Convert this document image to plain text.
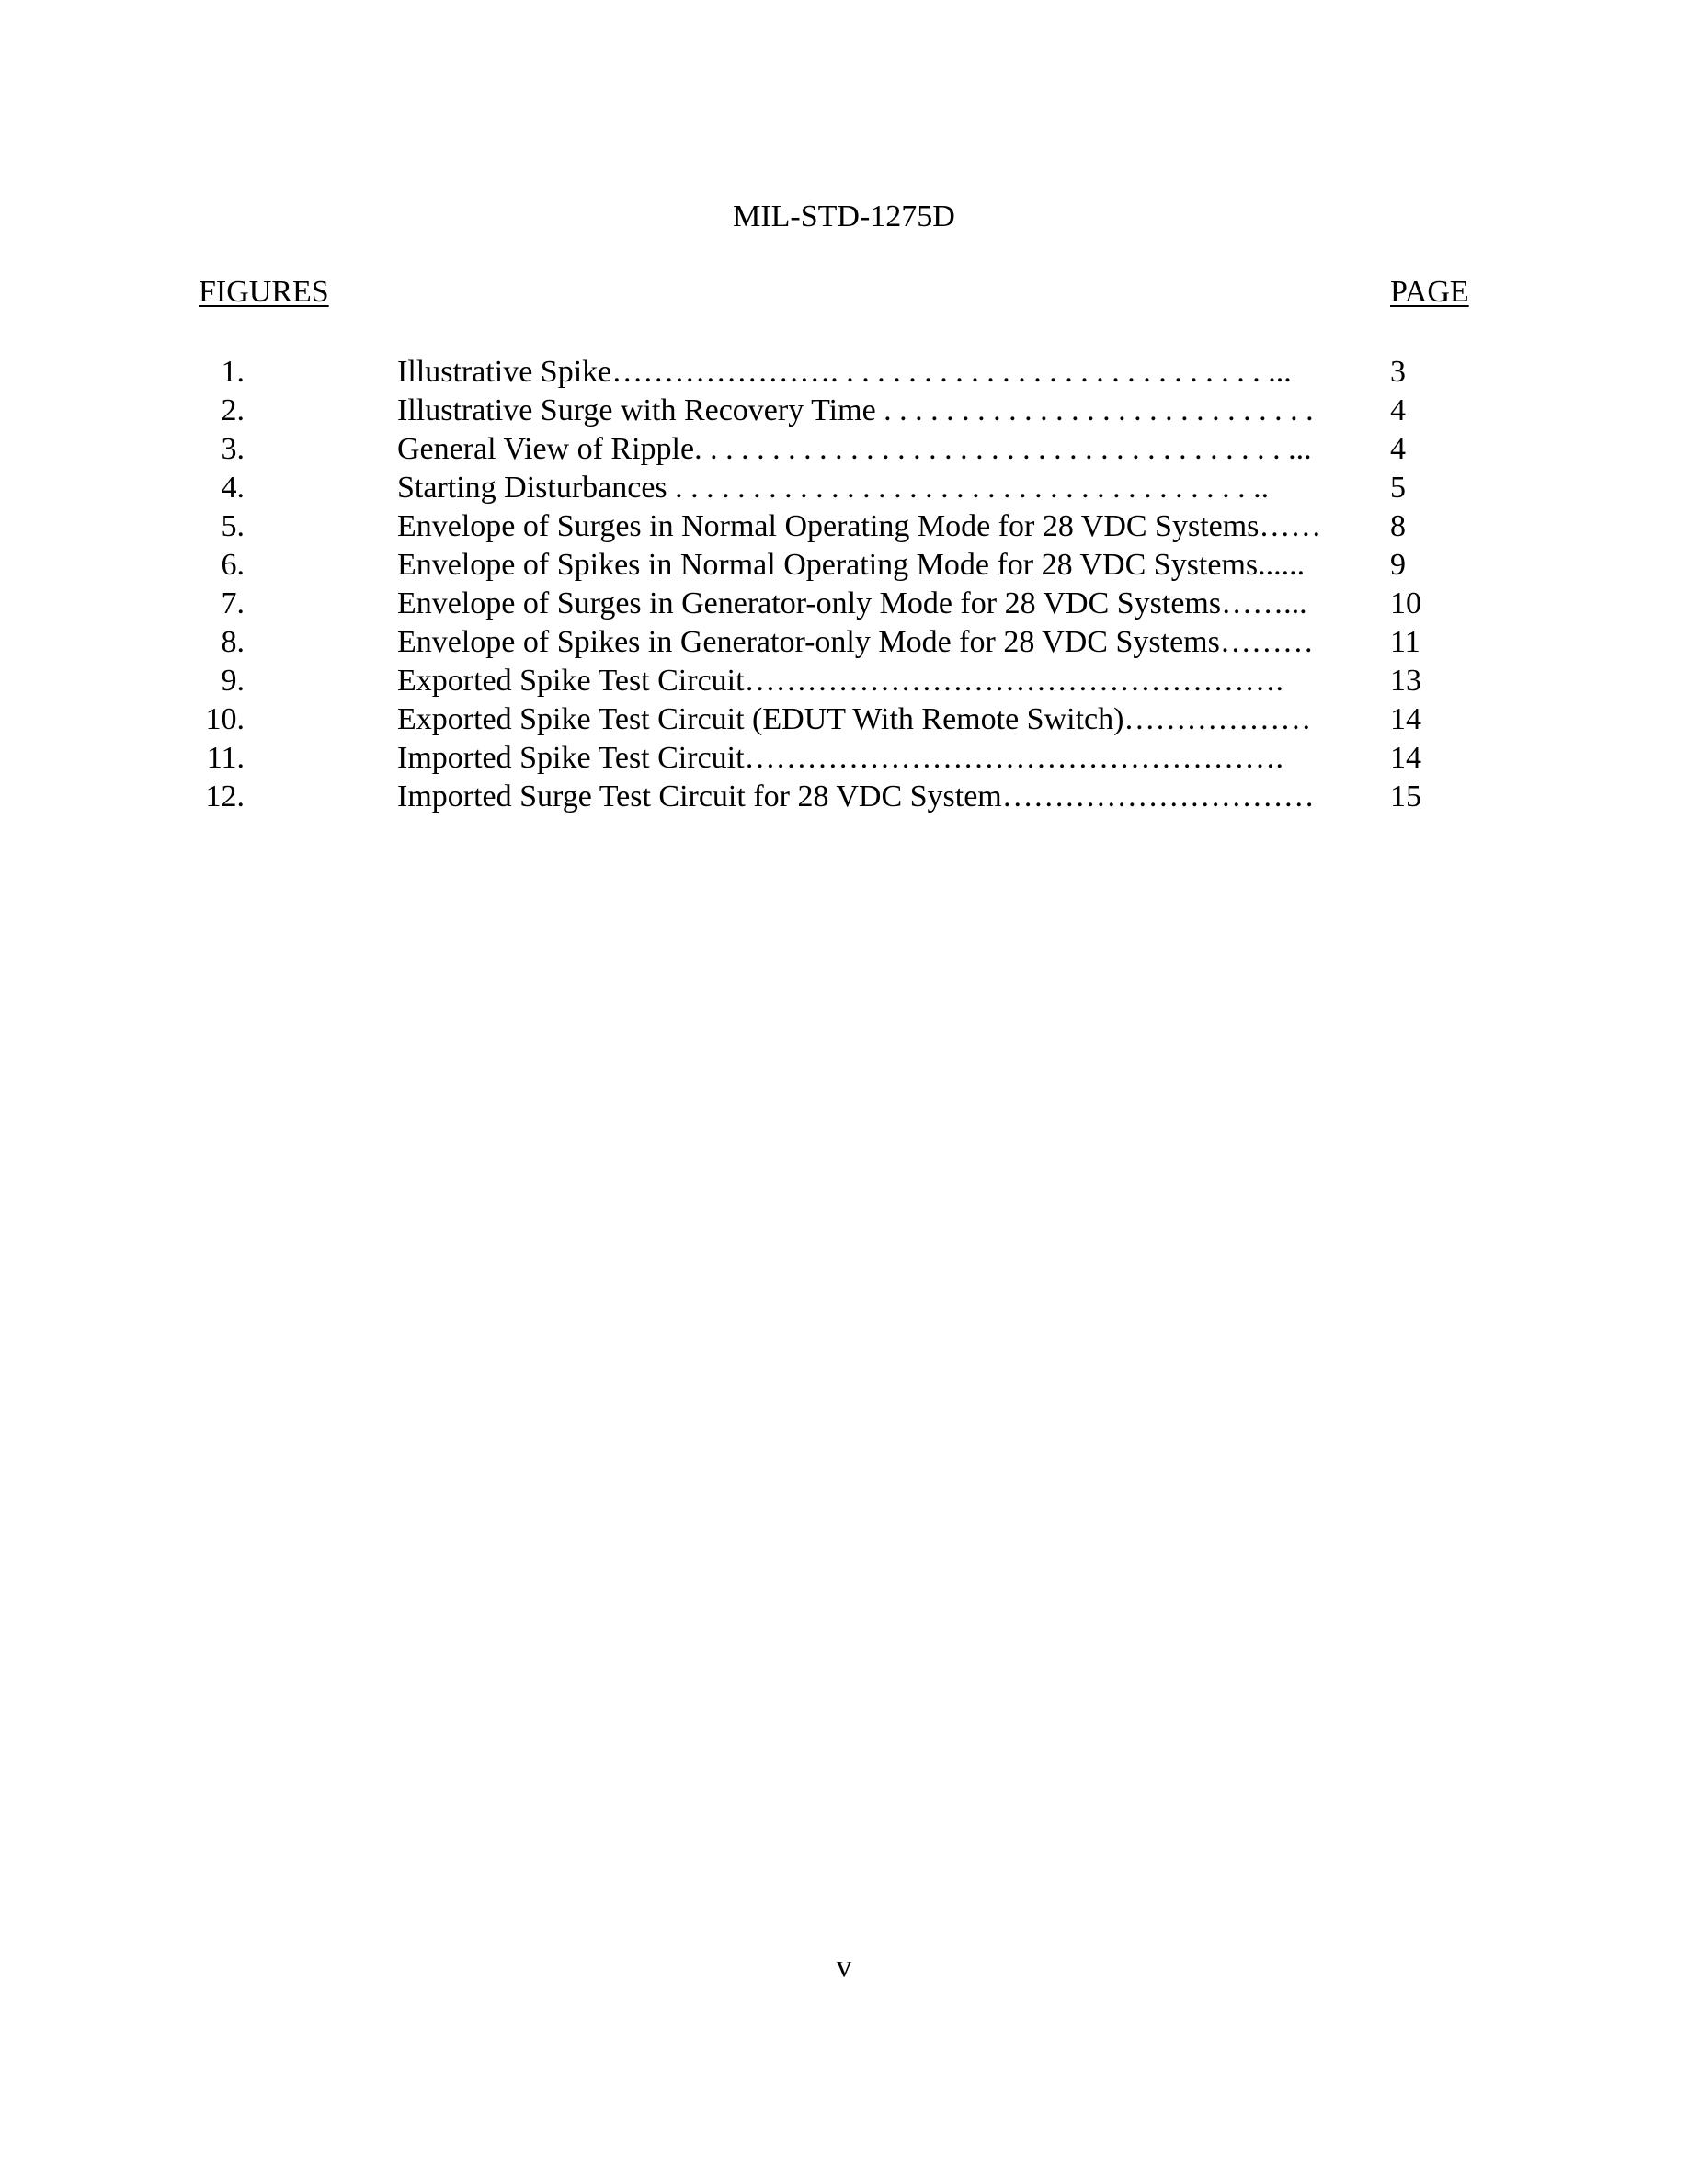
MIL-STD-1275D
FIGURES	PAGE
1.	Illustrative Spike…………………. . . . . . . . . . . . . . . . . . . . . . . . . . . . ...	3
2.	Illustrative Surge with Recovery Time . . . . . . . . . . . . . . . . . . . . . . . . . . . .	4
3.	General View of Ripple. . . . . . . . . . . . . . . . . . . . . . . . . . . . . . . . . . . . . . ...	4
4.	Starting Disturbances . . . . . . . . . . . . . . . . . . . . . . . . . . . . . . . . . . . . . ..	5
5.	Envelope of Surges in Normal Operating Mode for 28 VDC Systems……	8
6.	Envelope of Spikes in Normal Operating Mode for 28 VDC Systems......	9
7.	Envelope of Surges in Generator-only Mode for 28 VDC Systems……...	10
8.	Envelope of Spikes in Generator-only Mode for 28 VDC Systems………	11
9.	Exported Spike Test Circuit…………………………………………….	13
10.	Exported Spike Test Circuit (EDUT With Remote Switch)………………	14
11.	Imported Spike Test Circuit…………………………………………….	14
12.	Imported Surge Test Circuit for 28 VDC System…………………………	15
v
